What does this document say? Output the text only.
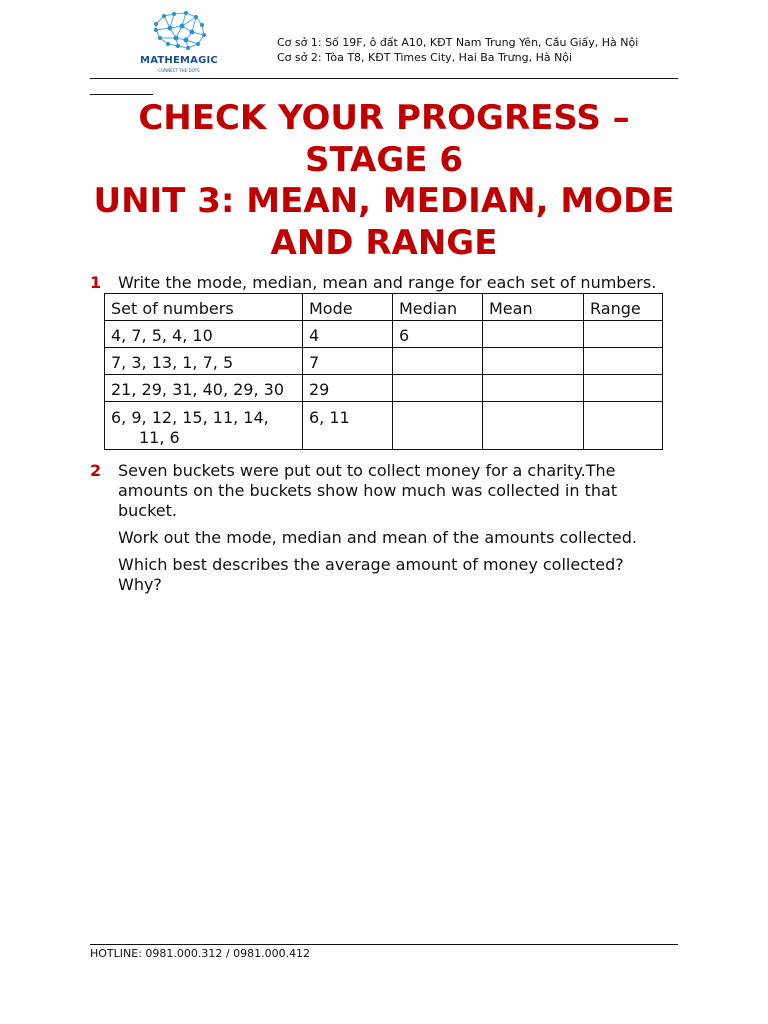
MATHEMAGIC
CONNECT THE DOTS
Cơ sở 1: Số 19F, ô đất A10, KĐT Nam Trung Yên, Cầu Giấy, Hà Nội
Cơ sở 2: Tòa T8, KĐT Times City, Hai Ba Trưng, Hà Nội
CHECK YOUR PROGRESS –
STAGE 6
UNIT 3: MEAN, MEDIAN, MODE
AND RANGE
1 Write the mode, median, mean and range for each set of numbers.
Set of numbers	Mode	Median	Mean	Range
4, 7, 5, 4, 10	4	6		
7, 3, 13, 1, 7, 5	7			
21, 29, 31, 40, 29, 30	29			

6, 9, 12, 15, 11, 14,
11, 6	6, 11			
2 Seven buckets were put out to collect money for a charity.The
amounts on the buckets show how much was collected in that
bucket.
Work out the mode, median and mean of the amounts collected.
Which best describes the average amount of money collected?
Why?
HOTLINE: 0981.000.312 / 0981.000.412
